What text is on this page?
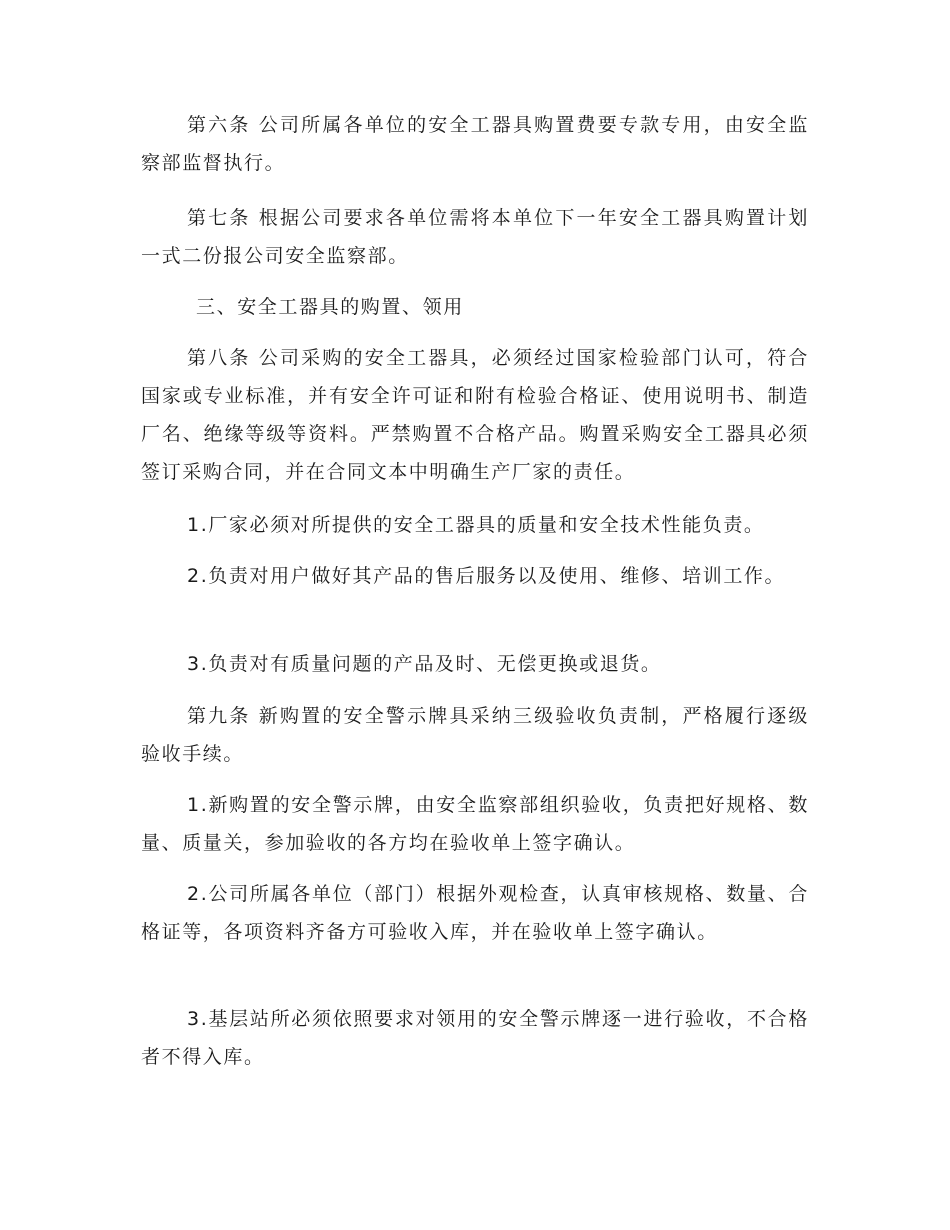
第六条 公司所属各单位的安全工器具购置费要专款专用，由安全监察部监督执行。

第七条 根据公司要求各单位需将本单位下一年安全工器具购置计划一式二份报公司安全监察部。

三、安全工器具的购置、领用

第八条 公司采购的安全工器具，必须经过国家检验部门认可，符合国家或专业标准，并有安全许可证和附有检验合格证、使用说明书、制造厂名、绝缘等级等资料。严禁购置不合格产品。购置采购安全工器具必须签订采购合同，并在合同文本中明确生产厂家的责任。

1.厂家必须对所提供的安全工器具的质量和安全技术性能负责。

2.负责对用户做好其产品的售后服务以及使用、维修、培训工作。

3.负责对有质量问题的产品及时、无偿更换或退货。

第九条 新购置的安全警示牌具采纳三级验收负责制，严格履行逐级验收手续。

1.新购置的安全警示牌，由安全监察部组织验收，负责把好规格、数量、质量关，参加验收的各方均在验收单上签字确认。

2.公司所属各单位（部门）根据外观检查，认真审核规格、数量、合格证等，各项资料齐备方可验收入库，并在验收单上签字确认。

3.基层站所必须依照要求对领用的安全警示牌逐一进行验收，不合格者不得入库。
